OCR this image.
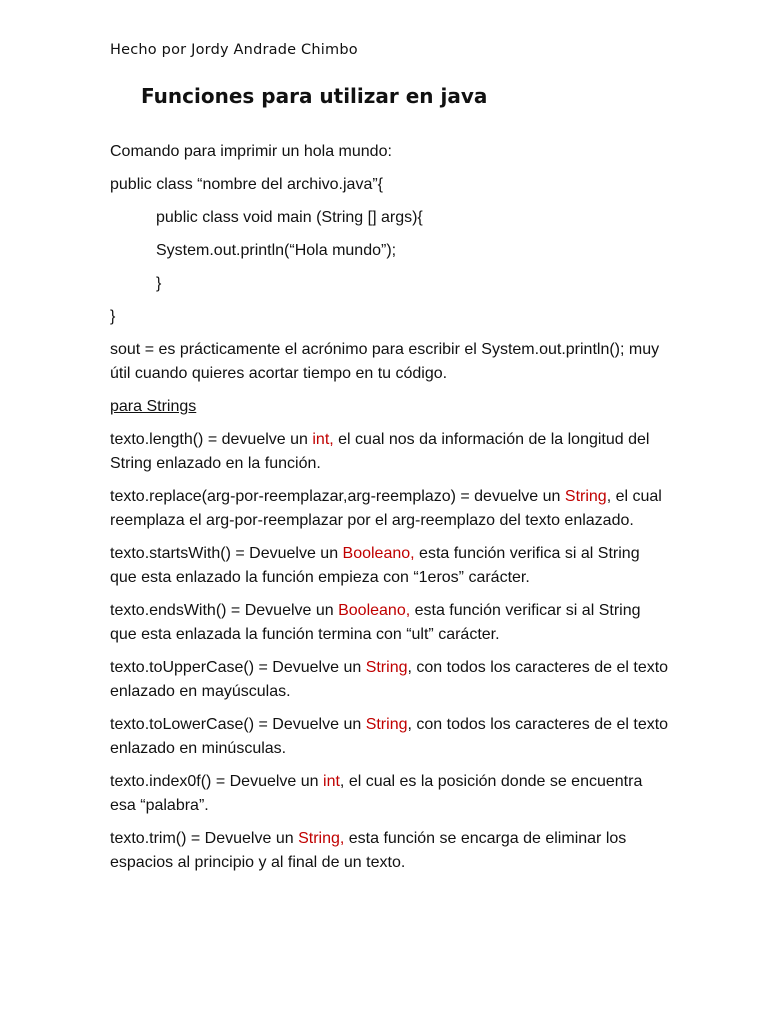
Hecho por Jordy Andrade Chimbo
Funciones para utilizar en java

Comando para imprimir un hola mundo:

public class “nombre del archivo.java”{
public class void main (String [] args){
System.out.println(“Hola mundo”);
}
}

sout = es prácticamente el acrónimo para escribir el System.out.println(); muy útil cuando quieres acortar tiempo en tu código.

para Strings

texto.length() = devuelve un int, el cual nos da información de la longitud del String enlazado en la función.

texto.replace(arg-por-reemplazar,arg-reemplazo) = devuelve un String, el cual reemplaza el arg-por-reemplazar por el arg-reemplazo del texto enlazado.

texto.startsWith() = Devuelve un Booleano, esta función verifica si al String que esta enlazado la función empieza con “1eros” carácter.

texto.endsWith() = Devuelve un Booleano, esta función verificar si al String que esta enlazada la función termina con “ult” carácter.

texto.toUpperCase() = Devuelve un String, con todos los caracteres de el texto enlazado en mayúsculas.

texto.toLowerCase() = Devuelve un String, con todos los caracteres de el texto enlazado en minúsculas.

texto.index0f() = Devuelve un int, el cual es la posición donde se encuentra esa “palabra”.

texto.trim() = Devuelve un String, esta función se encarga de eliminar los espacios al principio y al final de un texto.
